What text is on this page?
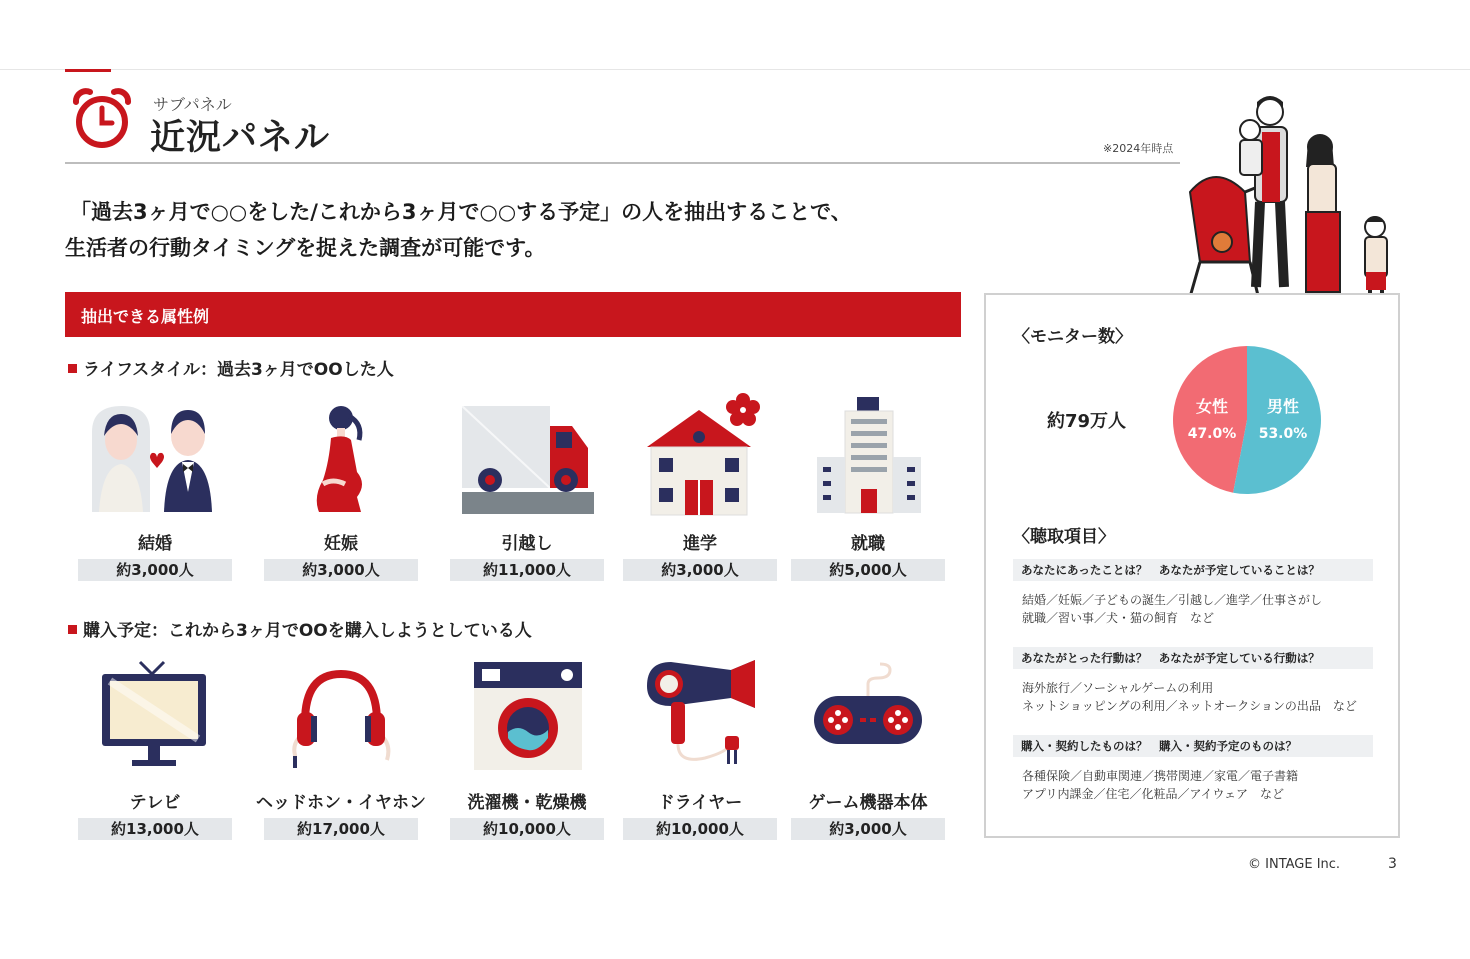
サブパネル
近況パネル	※2024年時点
「過去3ヶ月で○○をした/これから3ヶ月で○○する予定」の人を抽出することで、
生活者の行動タイミングを捉えた調査が可能です。
抽出できる属性例
ライフスタイル：過去3ヶ月でOOした人
結婚
約3,000人
妊娠
約3,000人
引越し
約11,000人
進学
約3,000人
就職
約5,000人
購入予定：これから3ヶ月でOOを購入しようとしている人
テレビ
約13,000人
ヘッドホン・イヤホン
約17,000人
洗濯機・乾燥機
約10,000人
ドライヤー
約10,000人
ゲーム機器本体
約3,000人
〈モニター数〉
約79万人
女性
47.0%
男性
53.0%
〈聴取項目〉
あなたにあったことは？　あなたが予定していることは？
結婚／妊娠／子どもの誕生／引越し／進学／仕事さがし
就職／習い事／犬・猫の飼育　など
あなたがとった行動は？　あなたが予定している行動は？
海外旅行／ソーシャルゲームの利用
ネットショッピングの利用／ネットオークションの出品　など
購入・契約したものは？　購入・契約予定のものは？
各種保険／自動車関連／携帯関連／家電／電子書籍
アプリ内課金／住宅／化粧品／アイウェア　など
© INTAGE Inc.	3
